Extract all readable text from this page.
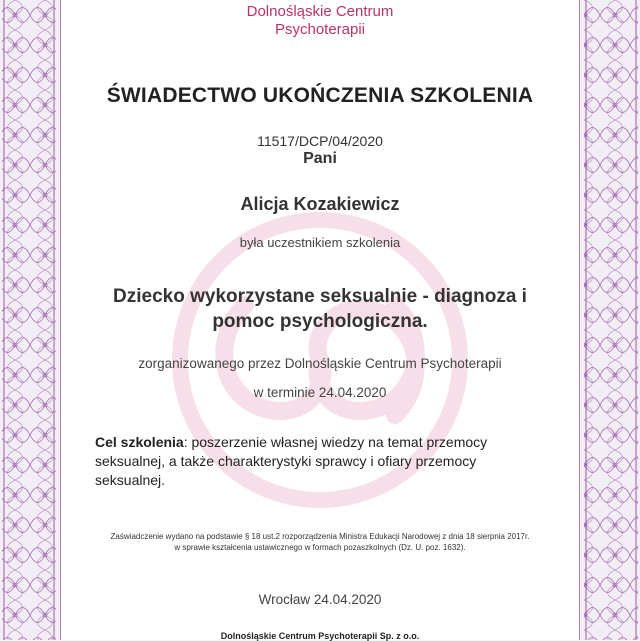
Dolnośląskie Centrum
Psychoterapii
ŚWIADECTWO UKOŃCZENIA SZKOLENIA
11517/DCP/04/2020
Pani
Alicja Kozakiewicz
była uczestnikiem szkolenia
Dziecko wykorzystane seksualnie - diagnoza i
pomoc psychologiczna.
zorganizowanego przez Dolnośląskie Centrum Psychoterapii
w terminie 24.04.2020
Cel szkolenia: poszerzenie własnej wiedzy na temat przemocy seksualnej, a także charakterystyki sprawcy i ofiary przemocy seksualnej.
Zaświadczenie wydano na podstawie § 18 ust.2 rozporządzenia Ministra Edukacji Narodowej z dnia 18 sierpnia 2017r.
w sprawie kształcenia ustawicznego w formach pozaszkolnych (Dz. U. poz. 1632).
Wrocław 24.04.2020
Dolnośląskie Centrum Psychoterapii Sp. z o.o.
